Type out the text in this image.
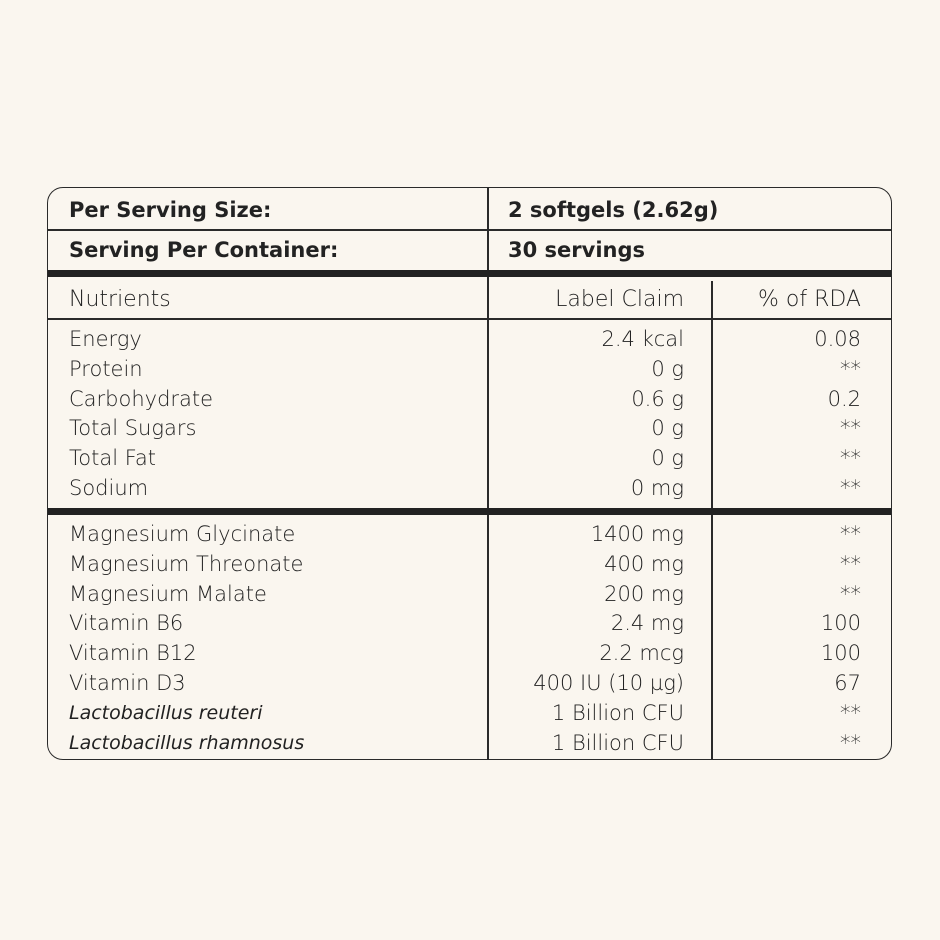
Per Serving Size:	2 softgels (2.62g)
Serving Per Container:	30 servings
Nutrients	Label Claim	% of RDA
Energy	2.4 kcal	0.08
Protein	0 g	**
Carbohydrate	0.6 g	0.2
Total Sugars	0 g	**
Total Fat	0 g	**
Sodium	0 mg	**
Magnesium Glycinate	1400 mg	**
Magnesium Threonate	400 mg	**
Magnesium Malate	200 mg	**
Vitamin B6	2.4 mg	100
Vitamin B12	2.2 mcg	100
Vitamin D3	400 IU (10 µg)	67
Lactobacillus reuteri	1 Billion CFU	**
Lactobacillus rhamnosus	1 Billion CFU	**
